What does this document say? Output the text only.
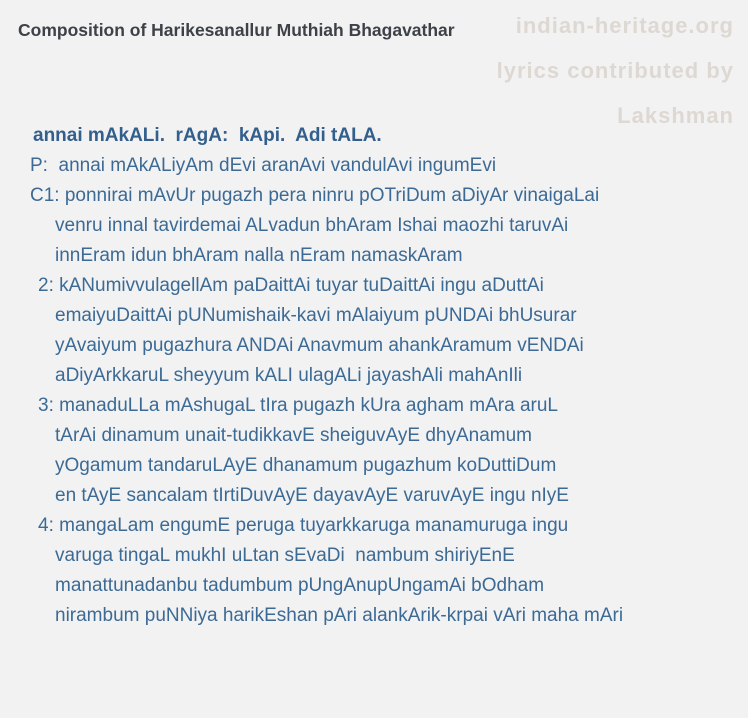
Composition of Harikesanallur Muthiah Bhagavathar	indian-heritage.org
lyrics contributed by
Lakshman
annai mAkALi.  rAgA:  kApi.  Adi tALA.
P:  annai mAkALiyAm dEvi aranAvi vandulAvi ingumEvi
C1: ponnirai mAvUr pugazh pera ninru pOTriDum aDiyAr vinaigaLai
venru innal tavirdemai ALvadun bhAram Ishai maozhi taruvAi
innEram idun bhAram nalla nEram namaskAram
2: kANumivvulagellAm paDaittAi tuyar tuDaittAi ingu aDuttAi
emaiyuDaittAi pUNumishaik-kavi mAlaiyum pUNDAi bhUsurar
yAvaiyum pugazhura ANDAi Anavmum ahankAramum vENDAi
aDiyArkkaruL sheyyum kALI ulagALi jayashAli mahAnIli
3: manaduLLa mAshugaL tIra pugazh kUra agham mAra aruL
tArAi dinamum unait-tudikkavE sheiguvAyE dhyAnamum
yOgamum tandaruLAyE dhanamum pugazhum koDuttiDum
en tAyE sancalam tIrtiDuvAyE dayavAyE varuvAyE ingu nIyE
4: mangaLam engumE peruga tuyarkkaruga manamuruga ingu
varuga tingaL mukhI uLtan sEvaDi  nambum shiriyEnE
manattunadanbu tadumbum pUngAnupUngamAi bOdham
nirambum puNNiya harikEshan pAri alankArik-krpai vAri maha mAri
